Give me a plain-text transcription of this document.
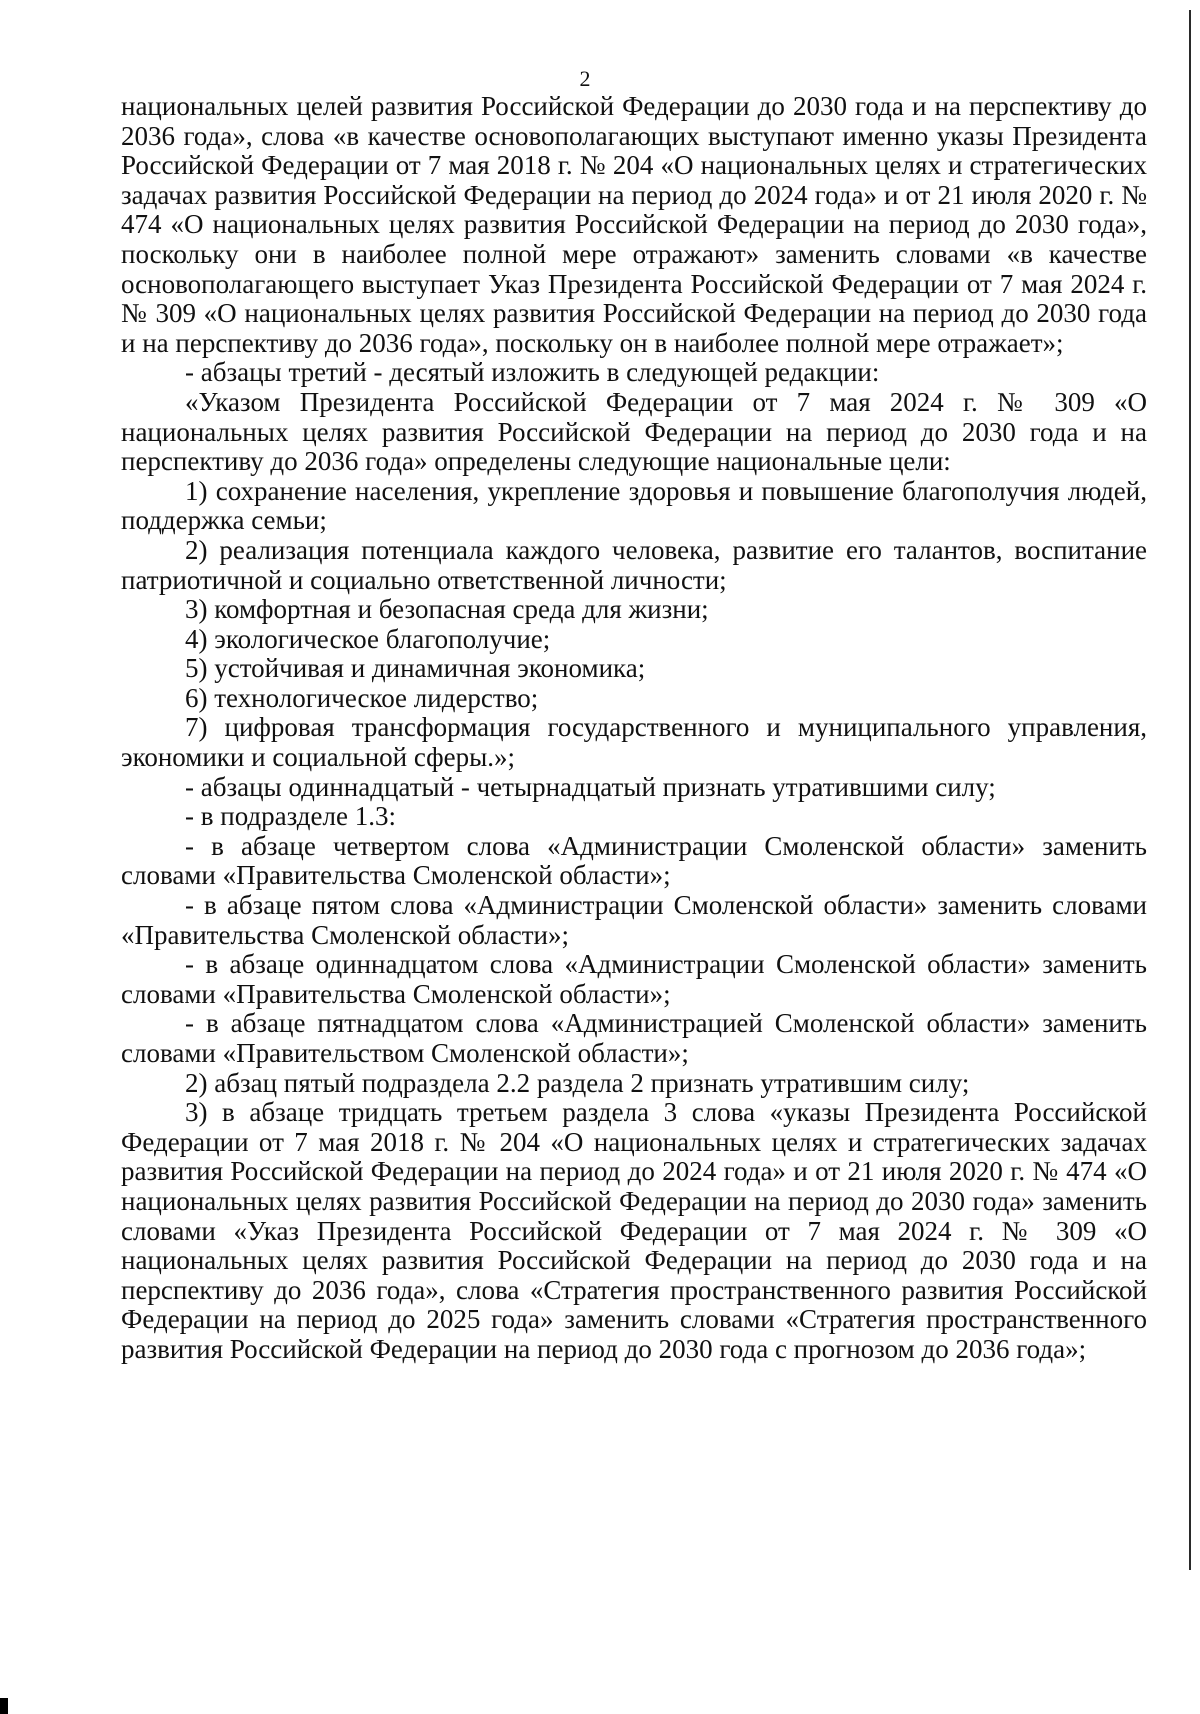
2

национальных целей развития Российской Федерации до 2030 года и на перспективу до 2036 года», слова «в качестве основополагающих выступают именно указы Президента Российской Федерации от 7 мая 2018 г. № 204 «О национальных целях и стратегических задачах развития Российской Федерации на период до 2024 года» и от 21 июля 2020 г. № 474 «О национальных целях развития Российской Федерации на период до 2030 года», поскольку они в наиболее полной мере отражают» заменить словами «в качестве основополагающего выступает Указ Президента Российской Федерации от 7 мая 2024 г. № 309 «О национальных целях развития Российской Федерации на период до 2030 года и на перспективу до 2036 года», поскольку он в наиболее полной мере отражает»;

- абзацы третий - десятый изложить в следующей редакции:

«Указом Президента Российской Федерации от 7 мая 2024 г. № 309 «О национальных целях развития Российской Федерации на период до 2030 года и на перспективу до 2036 года» определены следующие национальные цели:

1) сохранение населения, укрепление здоровья и повышение благополучия людей, поддержка семьи;

2) реализация потенциала каждого человека, развитие его талантов, воспитание патриотичной и социально ответственной личности;

3) комфортная и безопасная среда для жизни;

4) экологическое благополучие;

5) устойчивая и динамичная экономика;

6) технологическое лидерство;

7) цифровая трансформация государственного и муниципального управления, экономики и социальной сферы.»;

- абзацы одиннадцатый - четырнадцатый признать утратившими силу;

- в подразделе 1.3:

- в абзаце четвертом слова «Администрации Смоленской области» заменить словами «Правительства Смоленской области»;

- в абзаце пятом слова «Администрации Смоленской области» заменить словами «Правительства Смоленской области»;

- в абзаце одиннадцатом слова «Администрации Смоленской области» заменить словами «Правительства Смоленской области»;

- в абзаце пятнадцатом слова «Администрацией Смоленской области» заменить словами «Правительством Смоленской области»;

2) абзац пятый подраздела 2.2 раздела 2 признать утратившим силу;

3) в абзаце тридцать третьем раздела 3 слова «указы Президента Российской Федерации от 7 мая 2018 г. № 204 «О национальных целях и стратегических задачах развития Российской Федерации на период до 2024 года» и от 21 июля 2020 г. № 474 «О национальных целях развития Российской Федерации на период до 2030 года» заменить словами «Указ Президента Российской Федерации от 7 мая 2024 г. № 309 «О национальных целях развития Российской Федерации на период до 2030 года и на перспективу до 2036 года», слова «Стратегия пространственного развития Российской Федерации на период до 2025 года» заменить словами «Стратегия пространственного развития Российской Федерации на период до 2030 года с прогнозом до 2036 года»;
